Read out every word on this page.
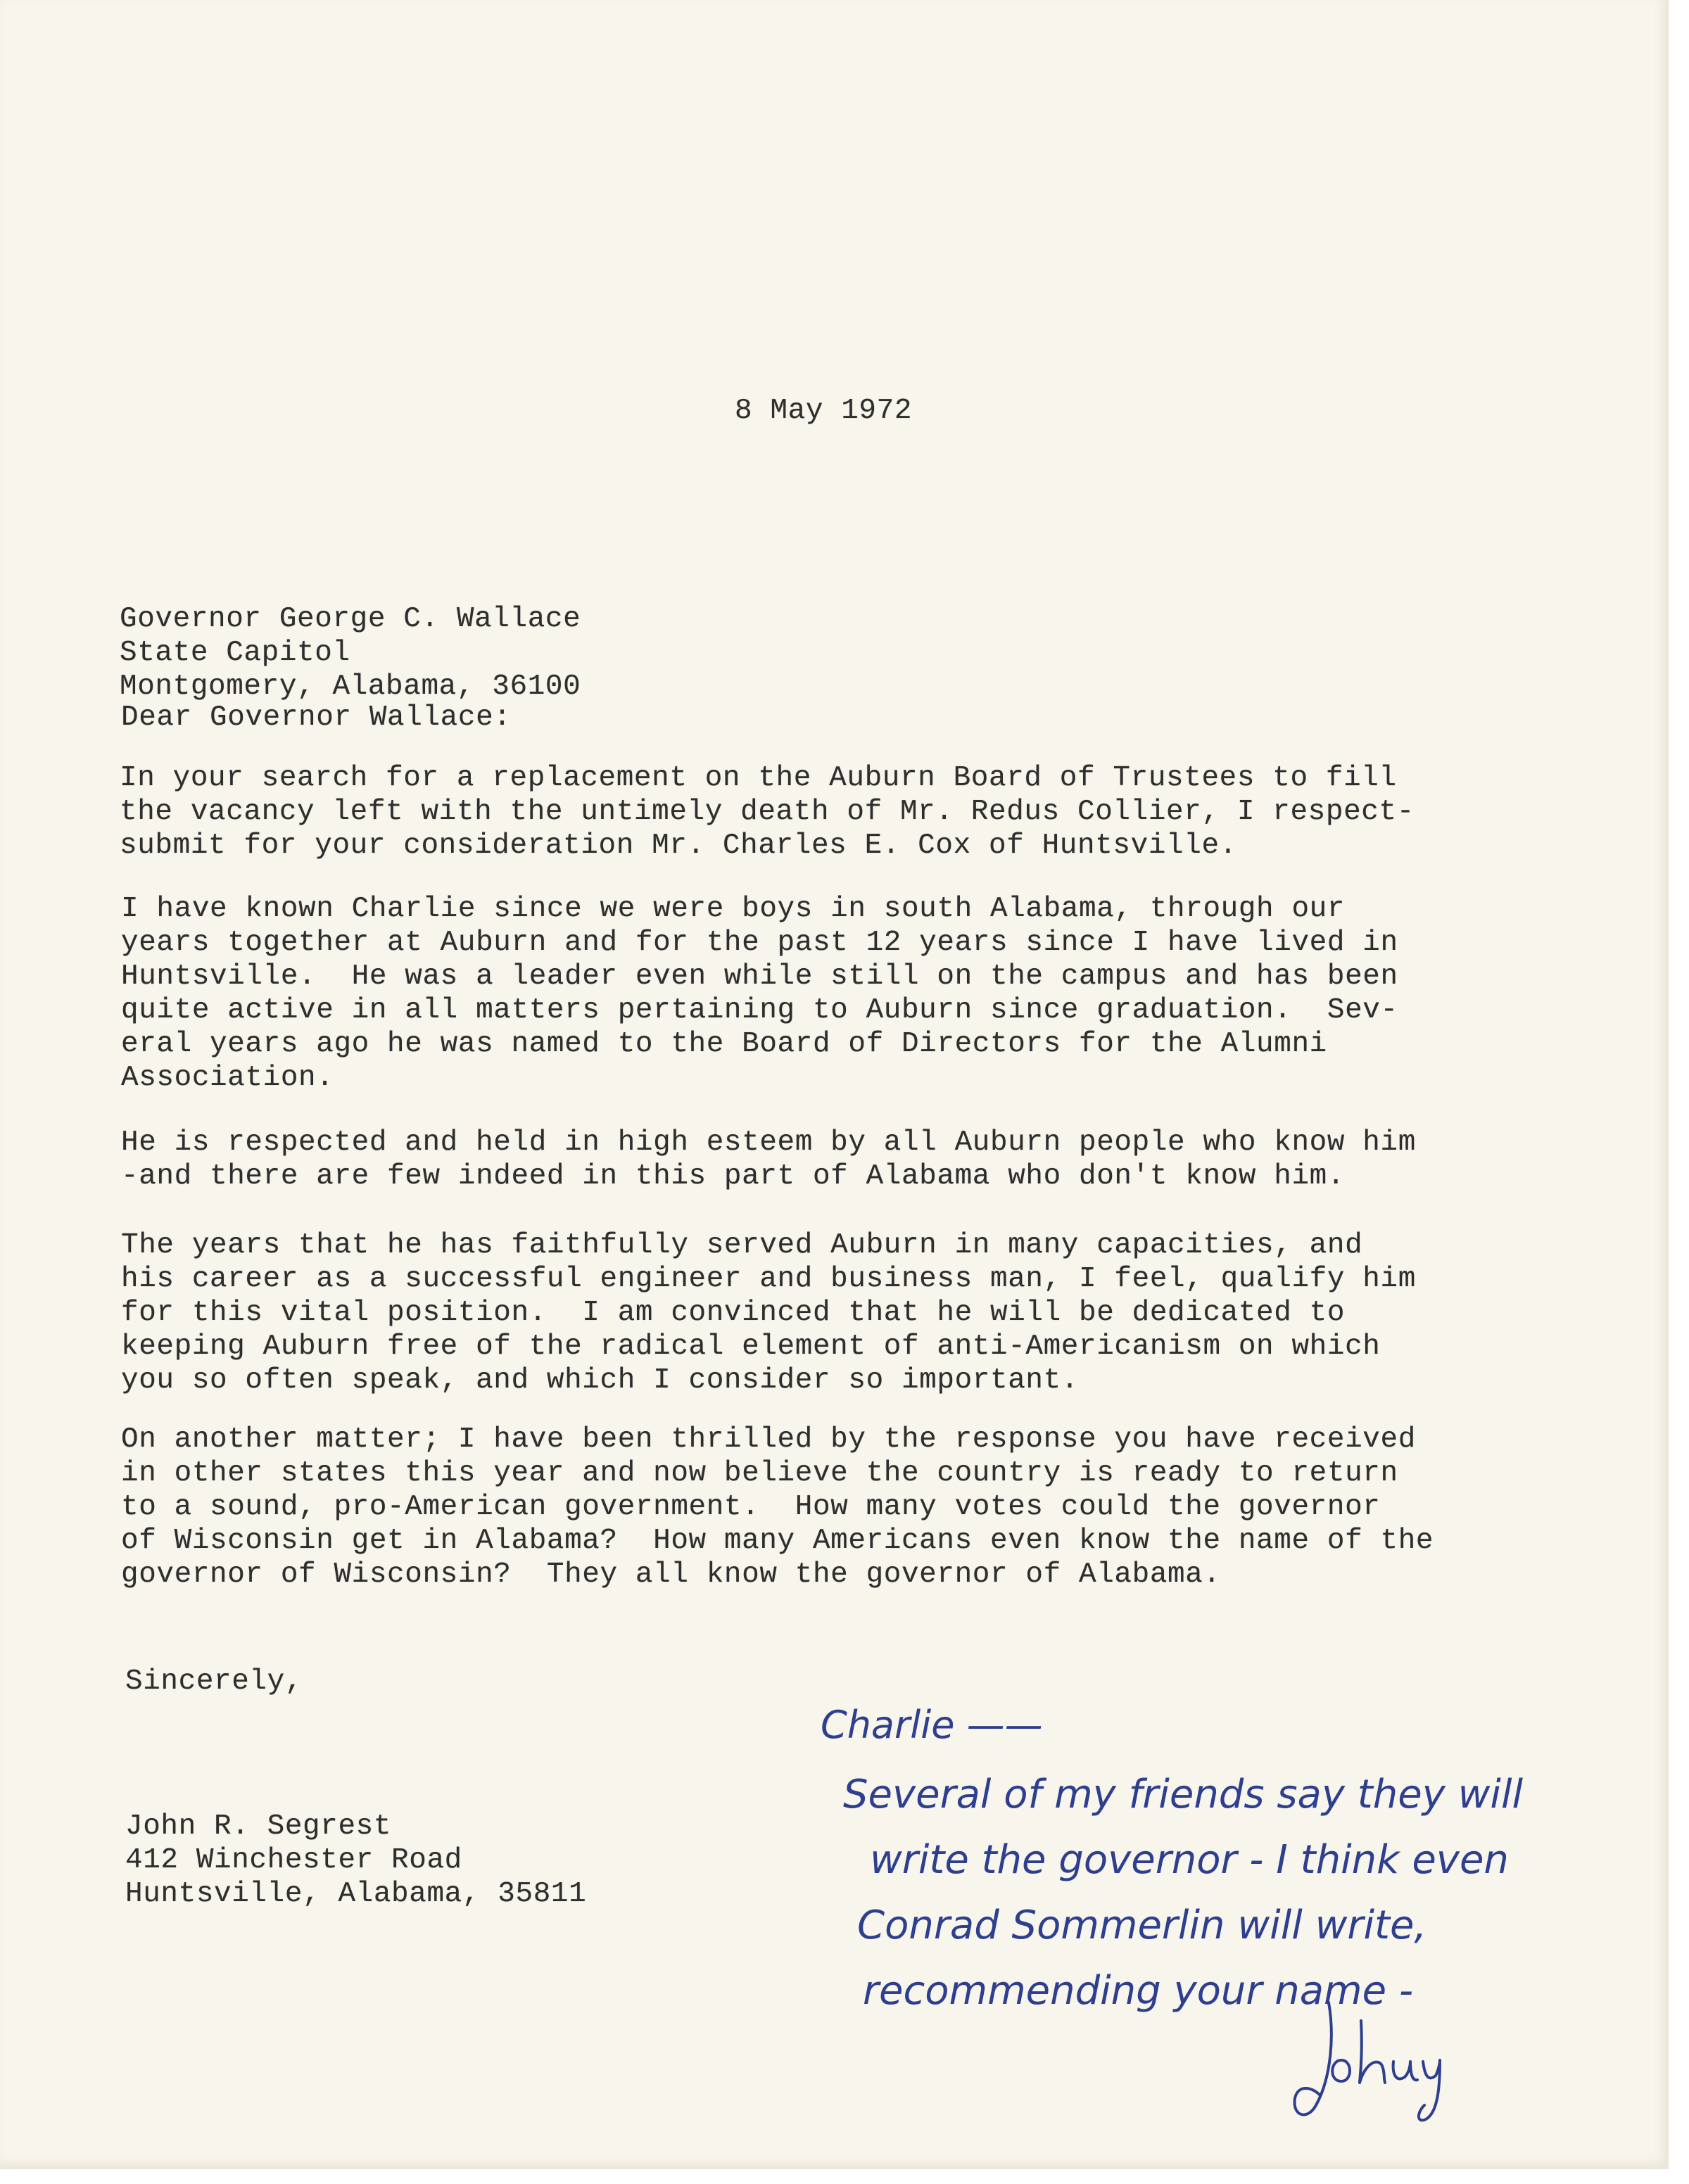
8 May 1972

Governor George C. Wallace
State Capitol
Montgomery, Alabama, 36100

Dear Governor Wallace:

In your search for a replacement on the Auburn Board of Trustees to fill
the vacancy left with the untimely death of Mr. Redus Collier, I respect-
submit for your consideration Mr. Charles E. Cox of Huntsville.

I have known Charlie since we were boys in south Alabama, through our
years together at Auburn and for the past 12 years since I have lived in
Huntsville.  He was a leader even while still on the campus and has been
quite active in all matters pertaining to Auburn since graduation.  Sev-
eral years ago he was named to the Board of Directors for the Alumni
Association.

He is respected and held in high esteem by all Auburn people who know him
-and there are few indeed in this part of Alabama who don't know him.

The years that he has faithfully served Auburn in many capacities, and
his career as a successful engineer and business man, I feel, qualify him
for this vital position.  I am convinced that he will be dedicated to
keeping Auburn free of the radical element of anti-Americanism on which
you so often speak, and which I consider so important.

On another matter; I have been thrilled by the response you have received
in other states this year and now believe the country is ready to return
to a sound, pro-American government.  How many votes could the governor
of Wisconsin get in Alabama?  How many Americans even know the name of the
governor of Wisconsin?  They all know the governor of Alabama.

Sincerely,

John R. Segrest
412 Winchester Road
Huntsville, Alabama, 35811

Charlie ——

Several of my friends say they will
write the governor - I think even
Conrad Sommerlin will write,
recommending your name -
